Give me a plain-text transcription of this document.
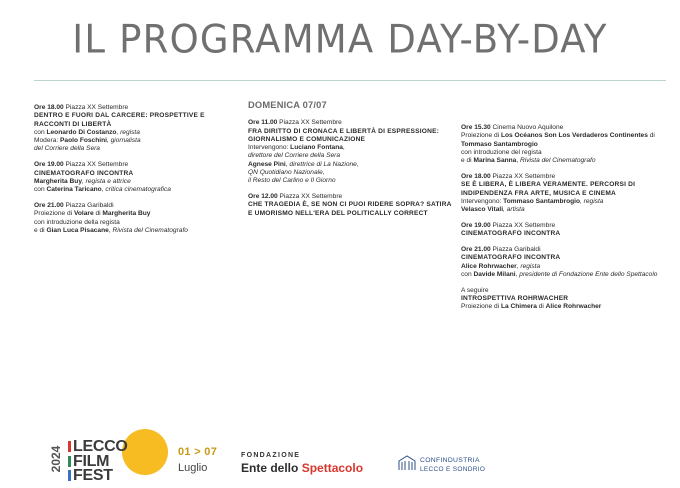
IL PROGRAMMA DAY-BY-DAY
Ore 18.00 Piazza XX Settembre
DENTRO E FUORI DAL CARCERE: PROSPETTIVE E RACCONTI DI LIBERTÀ
con Leonardo Di Costanzo, regista
Modera: Paolo Foschini, giornalista
del Corriere della Sera
Ore 19.00 Piazza XX Settembre
CINEMATOGRAFO INCONTRA
Margherita Buy, regista e attrice
con Caterina Taricano, critica cinematografica
Ore 21.00 Piazza Garibaldi
Proiezione di Volare di Margherita Buy
con introduzione della regista
e di Gian Luca Pisacane, Rivista del Cinematografo
DOMENICA 07/07
Ore 11.00 Piazza XX Settembre
FRA DIRITTO DI CRONACA E LIBERTÀ DI ESPRESSIONE: GIORNALISMO E COMUNICAZIONE
Intervengono: Luciano Fontana,
direttore del Corriere della Sera
Agnese Pini, direttrice di La Nazione,
QN Quotidiano Nazionale,
il Resto del Carlino e Il Giorno
Ore 12.00 Piazza XX Settembre
CHE TRAGEDIA È, SE NON CI PUOI RIDERE SOPRA? SATIRA E UMORISMO NELL'ERA DEL POLITICALLY CORRECT
Ore 15.30 Cinema Nuovo Aquilone
Proiezione di Los Océanos Son Los Verdaderos Continentes di Tommaso Santambrogio
con introduzione del regista
e di Marina Sanna, Rivista del Cinematografo
Ore 18.00 Piazza XX Settembre
SE È LIBERA, È LIBERA VERAMENTE. PERCORSI DI INDIPENDENZA FRA ARTE, MUSICA E CINEMA
Intervengono: Tommaso Santambrogio, regista
Velasco Vitali, artista
Ore 19.00 Piazza XX Settembre
CINEMATOGRAFO INCONTRA
Ore 21.00 Piazza Garibaldi
CINEMATOGRAFO INCONTRA
Alice Rohrwacher, regista
con Davide Milani, presidente di Fondazione Ente dello Spettacolo
A seguire
INTROSPETTIVA ROHRWACHER
Proiezione di La Chimera di Alice Rohrwacher
2024 LECCO
FILM
FEST
01 > 07
Luglio
FONDAZIONE
Ente dello Spettacolo
CONFINDUSTRIA
LECCO E SONDRIO
